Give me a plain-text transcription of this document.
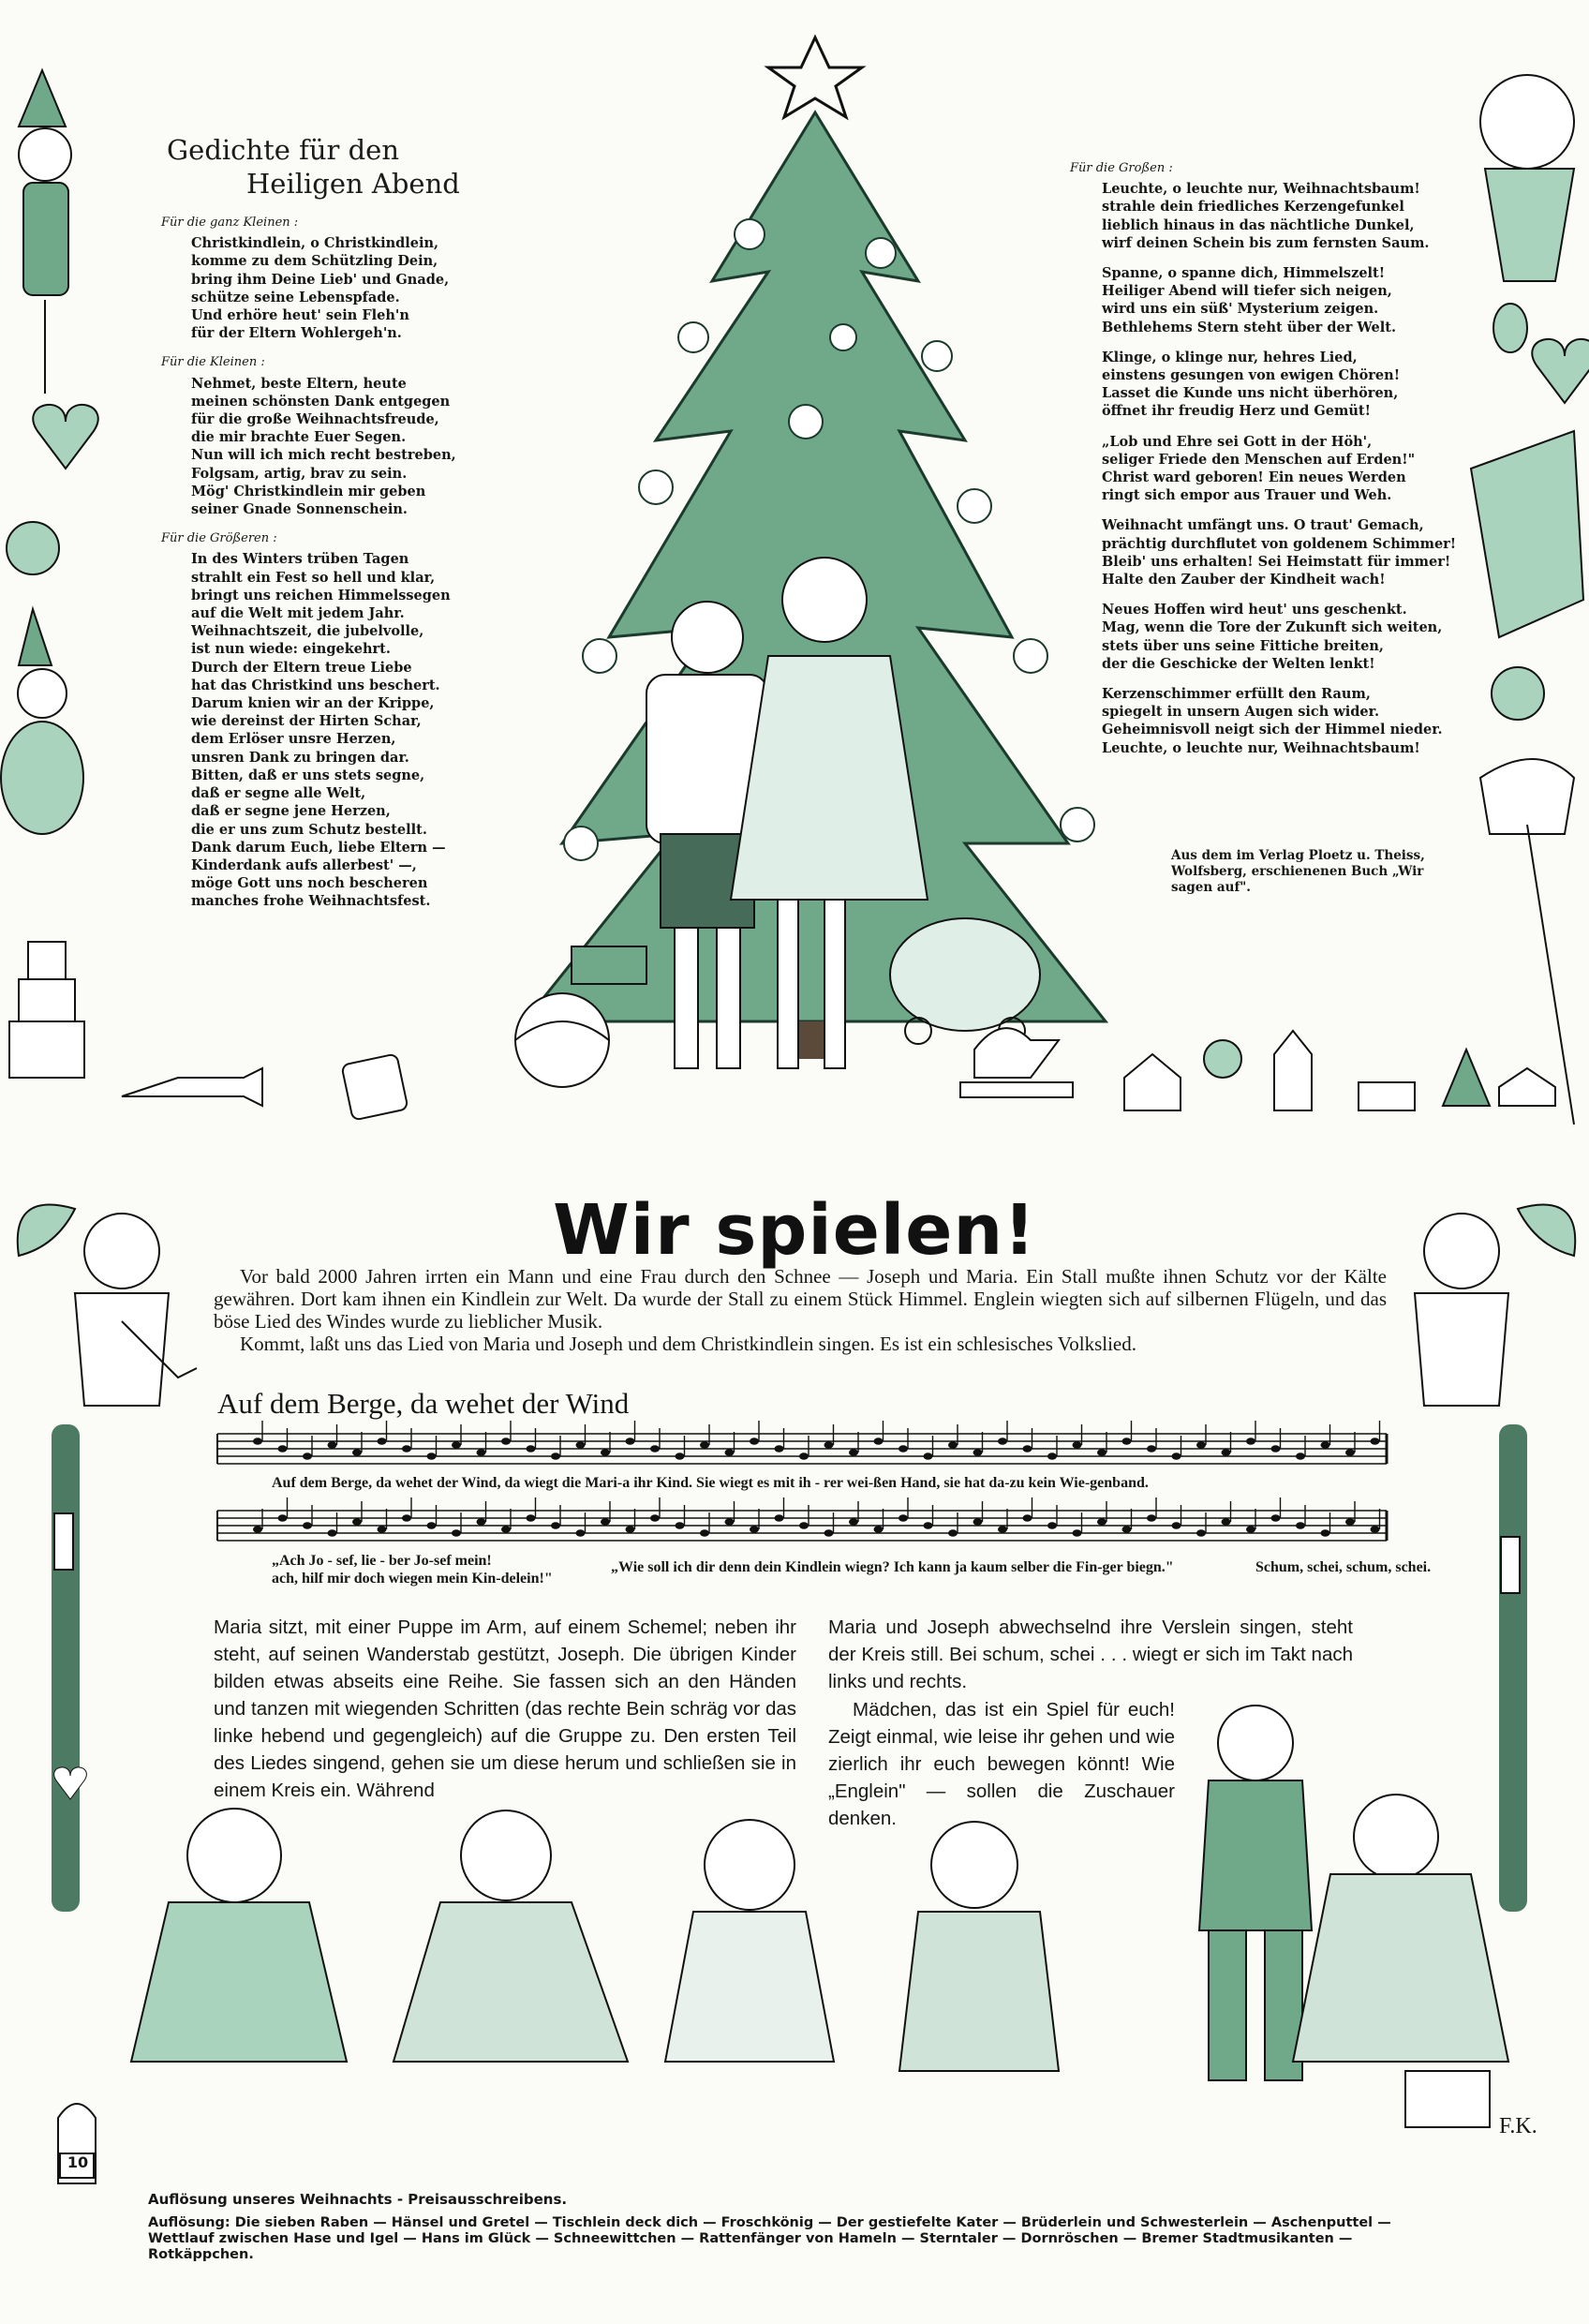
Gedichte für den

Heiligen Abend

Für die ganz Kleinen :

Christkindlein, o Christkindlein,
komme zu dem Schützling Dein,
bring ihm Deine Lieb' und Gnade,
schütze seine Lebenspfade.
Und erhöre heut' sein Fleh'n
für der Eltern Wohlergeh'n.

Für die Kleinen :

Nehmet, beste Eltern, heute
meinen schönsten Dank entgegen
für die große Weihnachtsfreude,
die mir brachte Euer Segen.
Nun will ich mich recht bestreben,
Folgsam, artig, brav zu sein.
Mög' Christkindlein mir geben
seiner Gnade Sonnenschein.

Für die Größeren :

In des Winters trüben Tagen
strahlt ein Fest so hell und klar,
bringt uns reichen Himmelssegen
auf die Welt mit jedem Jahr.
Weihnachtszeit, die jubelvolle,
ist nun wiede: eingekehrt.
Durch der Eltern treue Liebe
hat das Christkind uns beschert.
Darum knien wir an der Krippe,
wie dereinst der Hirten Schar,
dem Erlöser unsre Herzen,
unsren Dank zu bringen dar.
Bitten, daß er uns stets segne,
daß er segne alle Welt,
daß er segne jene Herzen,
die er uns zum Schutz bestellt.
Dank darum Euch, liebe Eltern —
Kinderdank aufs allerbest' —,
möge Gott uns noch bescheren
manches frohe Weihnachtsfest.

Für die Großen :

Leuchte, o leuchte nur, Weihnachtsbaum!
strahle dein friedliches Kerzengefunkel
lieblich hinaus in das nächtliche Dunkel,
wirf deinen Schein bis zum fernsten Saum.

Spanne, o spanne dich, Himmelszelt!
Heiliger Abend will tiefer sich neigen,
wird uns ein süß' Mysterium zeigen.
Bethlehems Stern steht über der Welt.

Klinge, o klinge nur, hehres Lied,
einstens gesungen von ewigen Chören!
Lasset die Kunde uns nicht überhören,
öffnet ihr freudig Herz und Gemüt!

„Lob und Ehre sei Gott in der Höh',
seliger Friede den Menschen auf Erden!"
Christ ward geboren! Ein neues Werden
ringt sich empor aus Trauer und Weh.

Weihnacht umfängt uns. O traut' Gemach,
prächtig durchflutet von goldenem Schimmer!
Bleib' uns erhalten! Sei Heimstatt für immer!
Halte den Zauber der Kindheit wach!

Neues Hoffen wird heut' uns geschenkt.
Mag, wenn die Tore der Zukunft sich weiten,
stets über uns seine Fittiche breiten,
der die Geschicke der Welten lenkt!

Kerzenschimmer erfüllt den Raum,
spiegelt in unsern Augen sich wider.
Geheimnisvoll neigt sich der Himmel nieder.
Leuchte, o leuchte nur, Weihnachtsbaum!

Aus dem im Verlag Ploetz u. Theiss, Wolfsberg, erschienenen Buch „Wir sagen auf".
Wir spielen!

Vor bald 2000 Jahren irrten ein Mann und eine Frau durch den Schnee — Joseph und Maria. Ein Stall mußte ihnen Schutz vor der Kälte gewähren. Dort kam ihnen ein Kindlein zur Welt. Da wurde der Stall zu einem Stück Himmel. Englein wiegten sich auf silbernen Flügeln, und das böse Lied des Windes wurde zu lieblicher Musik.

Kommt, laßt uns das Lied von Maria und Joseph und dem Christkindlein singen. Es ist ein schlesisches Volkslied.

Auf dem Berge, da wehet der Wind
Auf dem Berge, da wehet der Wind, da wiegt die Mari-a ihr Kind. Sie wiegt es mit ih - rer wei-ßen Hand, sie hat da-zu kein Wie-genband.
„Ach Jo - sef, lie - ber Jo-sef mein!
ach, hilf mir doch wiegen mein Kin-delein!"
„Wie soll ich dir denn dein Kindlein wiegn? Ich kann ja kaum selber die Fin-ger biegn."	Schum, schei, schum, schei.
Maria sitzt, mit einer Puppe im Arm, auf einem Schemel; neben ihr steht, auf seinen Wanderstab gestützt, Joseph. Die übrigen Kinder bilden etwas abseits eine Reihe. Sie fassen sich an den Händen und tanzen mit wiegenden Schritten (das rechte Bein schräg vor das linke hebend und gegengleich) auf die Gruppe zu. Den ersten Teil des Liedes singend, gehen sie um diese herum und schließen sie in einem Kreis ein. Während
Maria und Joseph abwechselnd ihre Verslein singen, steht der Kreis still. Bei schum, schei . . . wiegt er sich im Takt nach links und rechts.
Mädchen, das ist ein Spiel für euch! Zeigt einmal, wie leise ihr gehen und wie zierlich ihr euch bewegen könnt! Wie „Englein" — sollen die Zuschauer denken.
F.K.
10
Auflösung unseres Weihnachts - Preisausschreibens.
Auflösung: Die sieben Raben — Hänsel und Gretel — Tischlein deck dich — Froschkönig — Der gestiefelte Kater — Brüderlein und Schwesterlein — Aschenputtel — Wettlauf zwischen Hase und Igel — Hans im Glück — Schneewittchen — Rattenfänger von Hameln — Sterntaler — Dornröschen — Bremer Stadtmusikanten — Rotkäppchen.
